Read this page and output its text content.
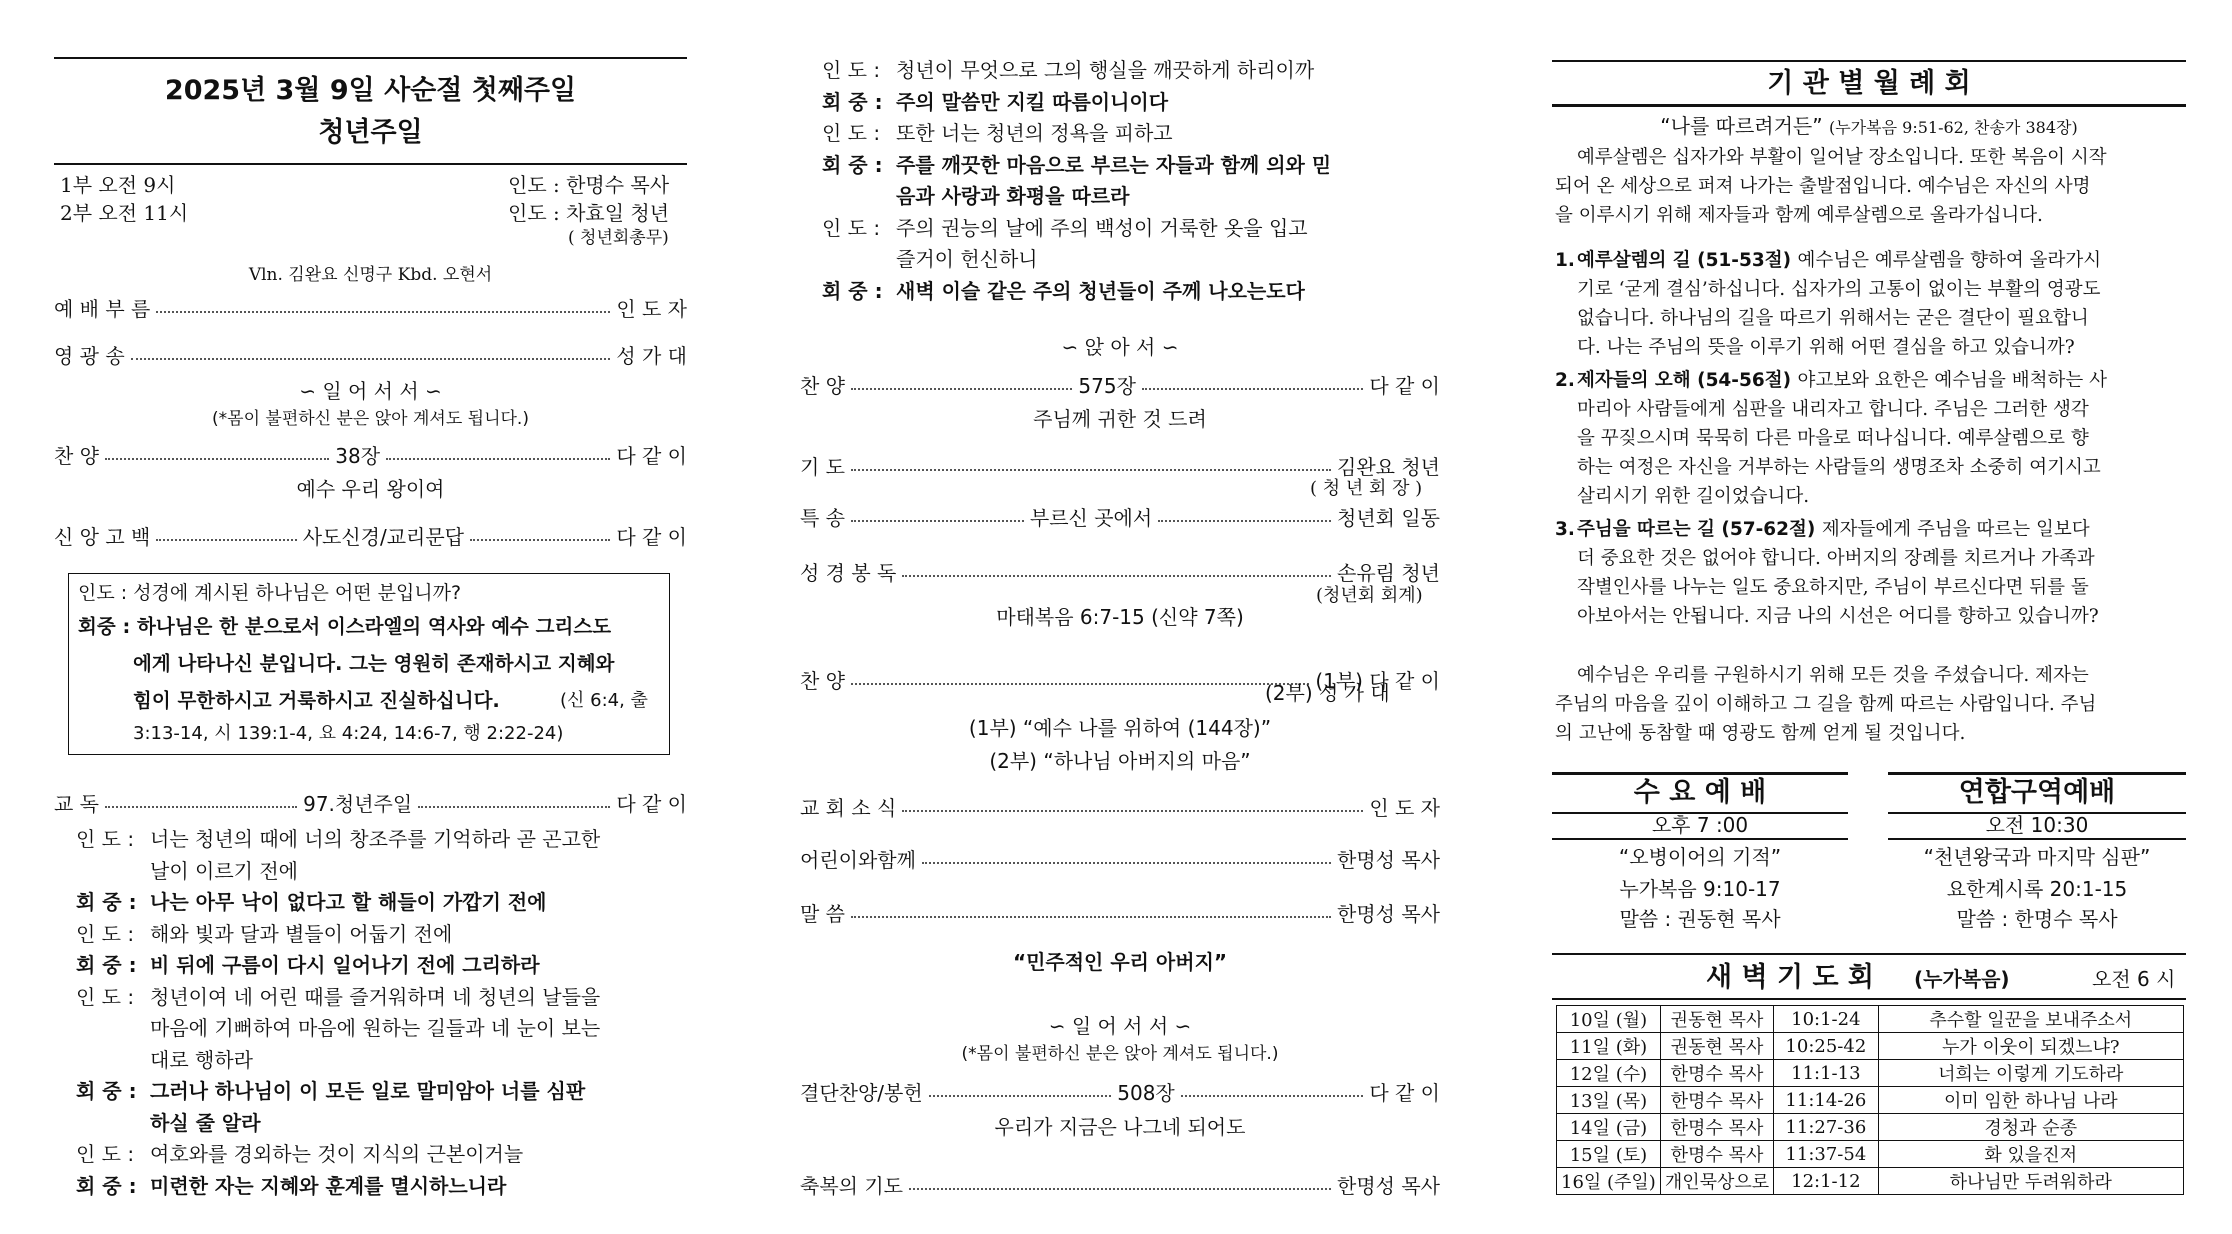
2025년 3월 9일 사순절 첫째주일
청년주일
1부 오전 9시
2부 오전 11시
인도 : 한명수 목사
인도 : 차효일 청년
( 청년회총무)
Vln. 김완요 신명구 Kbd. 오현서
예 배 부 름	인 도 자
영 광 송	성 가 대
∽ 일 어 서 서 ∽
(*몸이 불편하신 분은 앉아 계셔도 됩니다.)
찬 양	38장	다 같 이
예수 우리 왕이여
신 앙 고 백	사도신경/교리문답	다 같 이
인도 : 성경에 계시된 하나님은 어떤 분입니까?
회중 : 하나님은 한 분으로서 이스라엘의 역사와 예수 그리스도
에게 나타나신 분입니다. 그는 영원히 존재하시고 지혜와
힘이 무한하시고 거룩하시고 진실하십니다.	(신 6:4, 출
3:13-14, 시 139:1-4, 요 4:24, 14:6-7, 행 2:22-24)
교 독	97.청년주일	다 같 이
인 도 : 너는 청년의 때에 너의 창조주를 기억하라 곧 곤고한
날이 이르기 전에
회 중 : 나는 아무 낙이 없다고 할 해들이 가깝기 전에
인 도 : 해와 빛과 달과 별들이 어둡기 전에
회 중 : 비 뒤에 구름이 다시 일어나기 전에 그리하라
인 도 : 청년이여 네 어린 때를 즐거워하며 네 청년의 날들을
마음에 기뻐하여 마음에 원하는 길들과 네 눈이 보는
대로 행하라
회 중 : 그러나 하나님이 이 모든 일로 말미암아 너를 심판
하실 줄 알라
인 도 : 여호와를 경외하는 것이 지식의 근본이거늘
회 중 : 미련한 자는 지혜와 훈계를 멸시하느니라
인 도 : 청년이 무엇으로 그의 행실을 깨끗하게 하리이까
회 중 : 주의 말씀만 지킬 따름이니이다
인 도 : 또한 너는 청년의 정욕을 피하고
회 중 : 주를 깨끗한 마음으로 부르는 자들과 함께 의와 믿
음과 사랑과 화평을 따르라
인 도 : 주의 권능의 날에 주의 백성이 거룩한 옷을 입고
즐거이 헌신하니
회 중 : 새벽 이슬 같은 주의 청년들이 주께 나오는도다
∽ 앉 아 서 ∽
찬 양	575장	다 같 이
주님께 귀한 것 드려
기 도	김완요 청년
( 청 년 회 장 )
특 송	부르신 곳에서	청년회 일동
성 경 봉 독	손유림 청년
(청년회 회계)
마태복음 6:7-15 (신약 7쪽)
찬 양	(1부) 다 같 이
(2부) 성 가 대
(1부) “예수 나를 위하여 (144장)”
(2부) “하나님 아버지의 마음”
교 회 소 식	인 도 자
어린이와함께	한명성 목사
말 씀	한명성 목사
“민주적인 우리 아버지”
∽ 일 어 서 서 ∽
(*몸이 불편하신 분은 앉아 계셔도 됩니다.)
결단찬양/봉헌	508장	다 같 이
우리가 지금은 나그네 되어도
축복의 기도	한명성 목사
기 관 별 월 례 회
“나를 따르려거든” (누가복음 9:51-62, 찬송가 384장)
예루살렘은 십자가와 부활이 일어날 장소입니다. 또한 복음이 시작
되어 온 세상으로 퍼져 나가는 출발점입니다. 예수님은 자신의 사명
을 이루시기 위해 제자들과 함께 예루살렘으로 올라가십니다.
1. 예루살렘의 길 (51-53절) 예수님은 예루살렘을 향하여 올라가시
기로 ‘굳게 결심’하십니다. 십자가의 고통이 없이는 부활의 영광도
없습니다. 하나님의 길을 따르기 위해서는 굳은 결단이 필요합니
다. 나는 주님의 뜻을 이루기 위해 어떤 결심을 하고 있습니까?
2. 제자들의 오해 (54-56절) 야고보와 요한은 예수님을 배척하는 사
마리아 사람들에게 심판을 내리자고 합니다. 주님은 그러한 생각
을 꾸짖으시며 묵묵히 다른 마을로 떠나십니다. 예루살렘으로 향
하는 여정은 자신을 거부하는 사람들의 생명조차 소중히 여기시고
살리시기 위한 길이었습니다.
3. 주님을 따르는 길 (57-62절) 제자들에게 주님을 따르는 일보다
더 중요한 것은 없어야 합니다. 아버지의 장례를 치르거나 가족과
작별인사를 나누는 일도 중요하지만, 주님이 부르신다면 뒤를 돌
아보아서는 안됩니다. 지금 나의 시선은 어디를 향하고 있습니까?
예수님은 우리를 구원하시기 위해 모든 것을 주셨습니다. 제자는
주님의 마음을 깊이 이해하고 그 길을 함께 따르는 사람입니다. 주님
의 고난에 동참할 때 영광도 함께 얻게 될 것입니다.
수 요 예 배
오후 7 :00
“오병이어의 기적”
누가복음 9:10-17
말씀 : 권동현 목사
연합구역예배
오전 10:30
“천년왕국과 마지막 심판”
요한계시록 20:1-15
말씀 : 한명수 목사
새 벽 기 도 회 (누가복음)	오전 6 시
10일 (월)	권동현 목사	10:1-24	추수할 일꾼을 보내주소서
11일 (화)	권동현 목사	10:25-42	누가 이웃이 되겠느냐?
12일 (수)	한명수 목사	11:1-13	너희는 이렇게 기도하라
13일 (목)	한명수 목사	11:14-26	이미 임한 하나님 나라
14일 (금)	한명수 목사	11:27-36	경청과 순종
15일 (토)	한명수 목사	11:37-54	화 있을진저
16일 (주일)	개인묵상으로	12:1-12	하나님만 두려워하라
